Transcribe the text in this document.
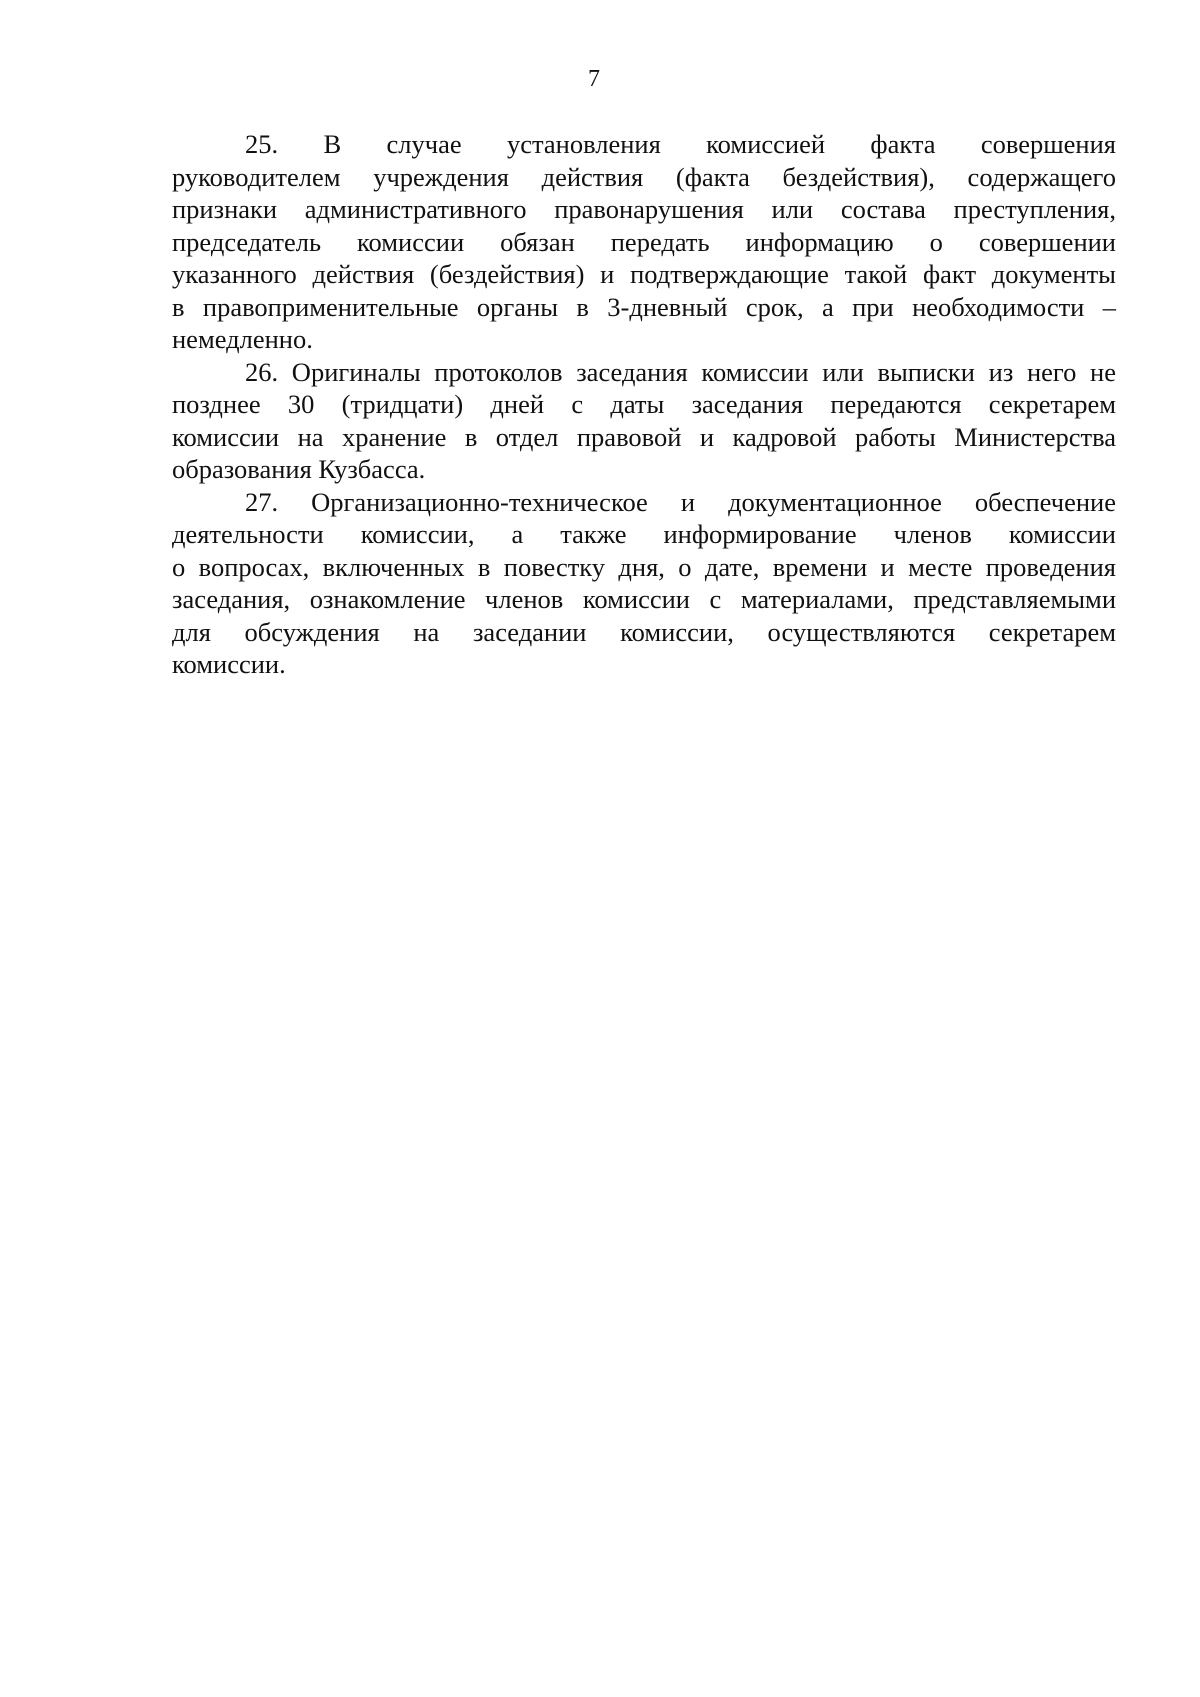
7
25. В случае установления комиссией факта совершения
руководителем учреждения действия (факта бездействия), содержащего
признаки административного правонарушения или состава преступления,
председатель комиссии обязан передать информацию о совершении
указанного действия (бездействия) и подтверждающие такой факт документы
в правоприменительные органы в 3-дневный срок, а при необходимости –
немедленно.
26. Оригиналы протоколов заседания комиссии или выписки из него не
позднее 30 (тридцати) дней с даты заседания передаются секретарем
комиссии на хранение в отдел правовой и кадровой работы Министерства
образования Кузбасса.
27. Организационно-техническое и документационное обеспечение
деятельности комиссии, а также информирование членов комиссии
о вопросах, включенных в повестку дня, о дате, времени и месте проведения
заседания, ознакомление членов комиссии с материалами, представляемыми
для обсуждения на заседании комиссии, осуществляются секретарем
комиссии.
